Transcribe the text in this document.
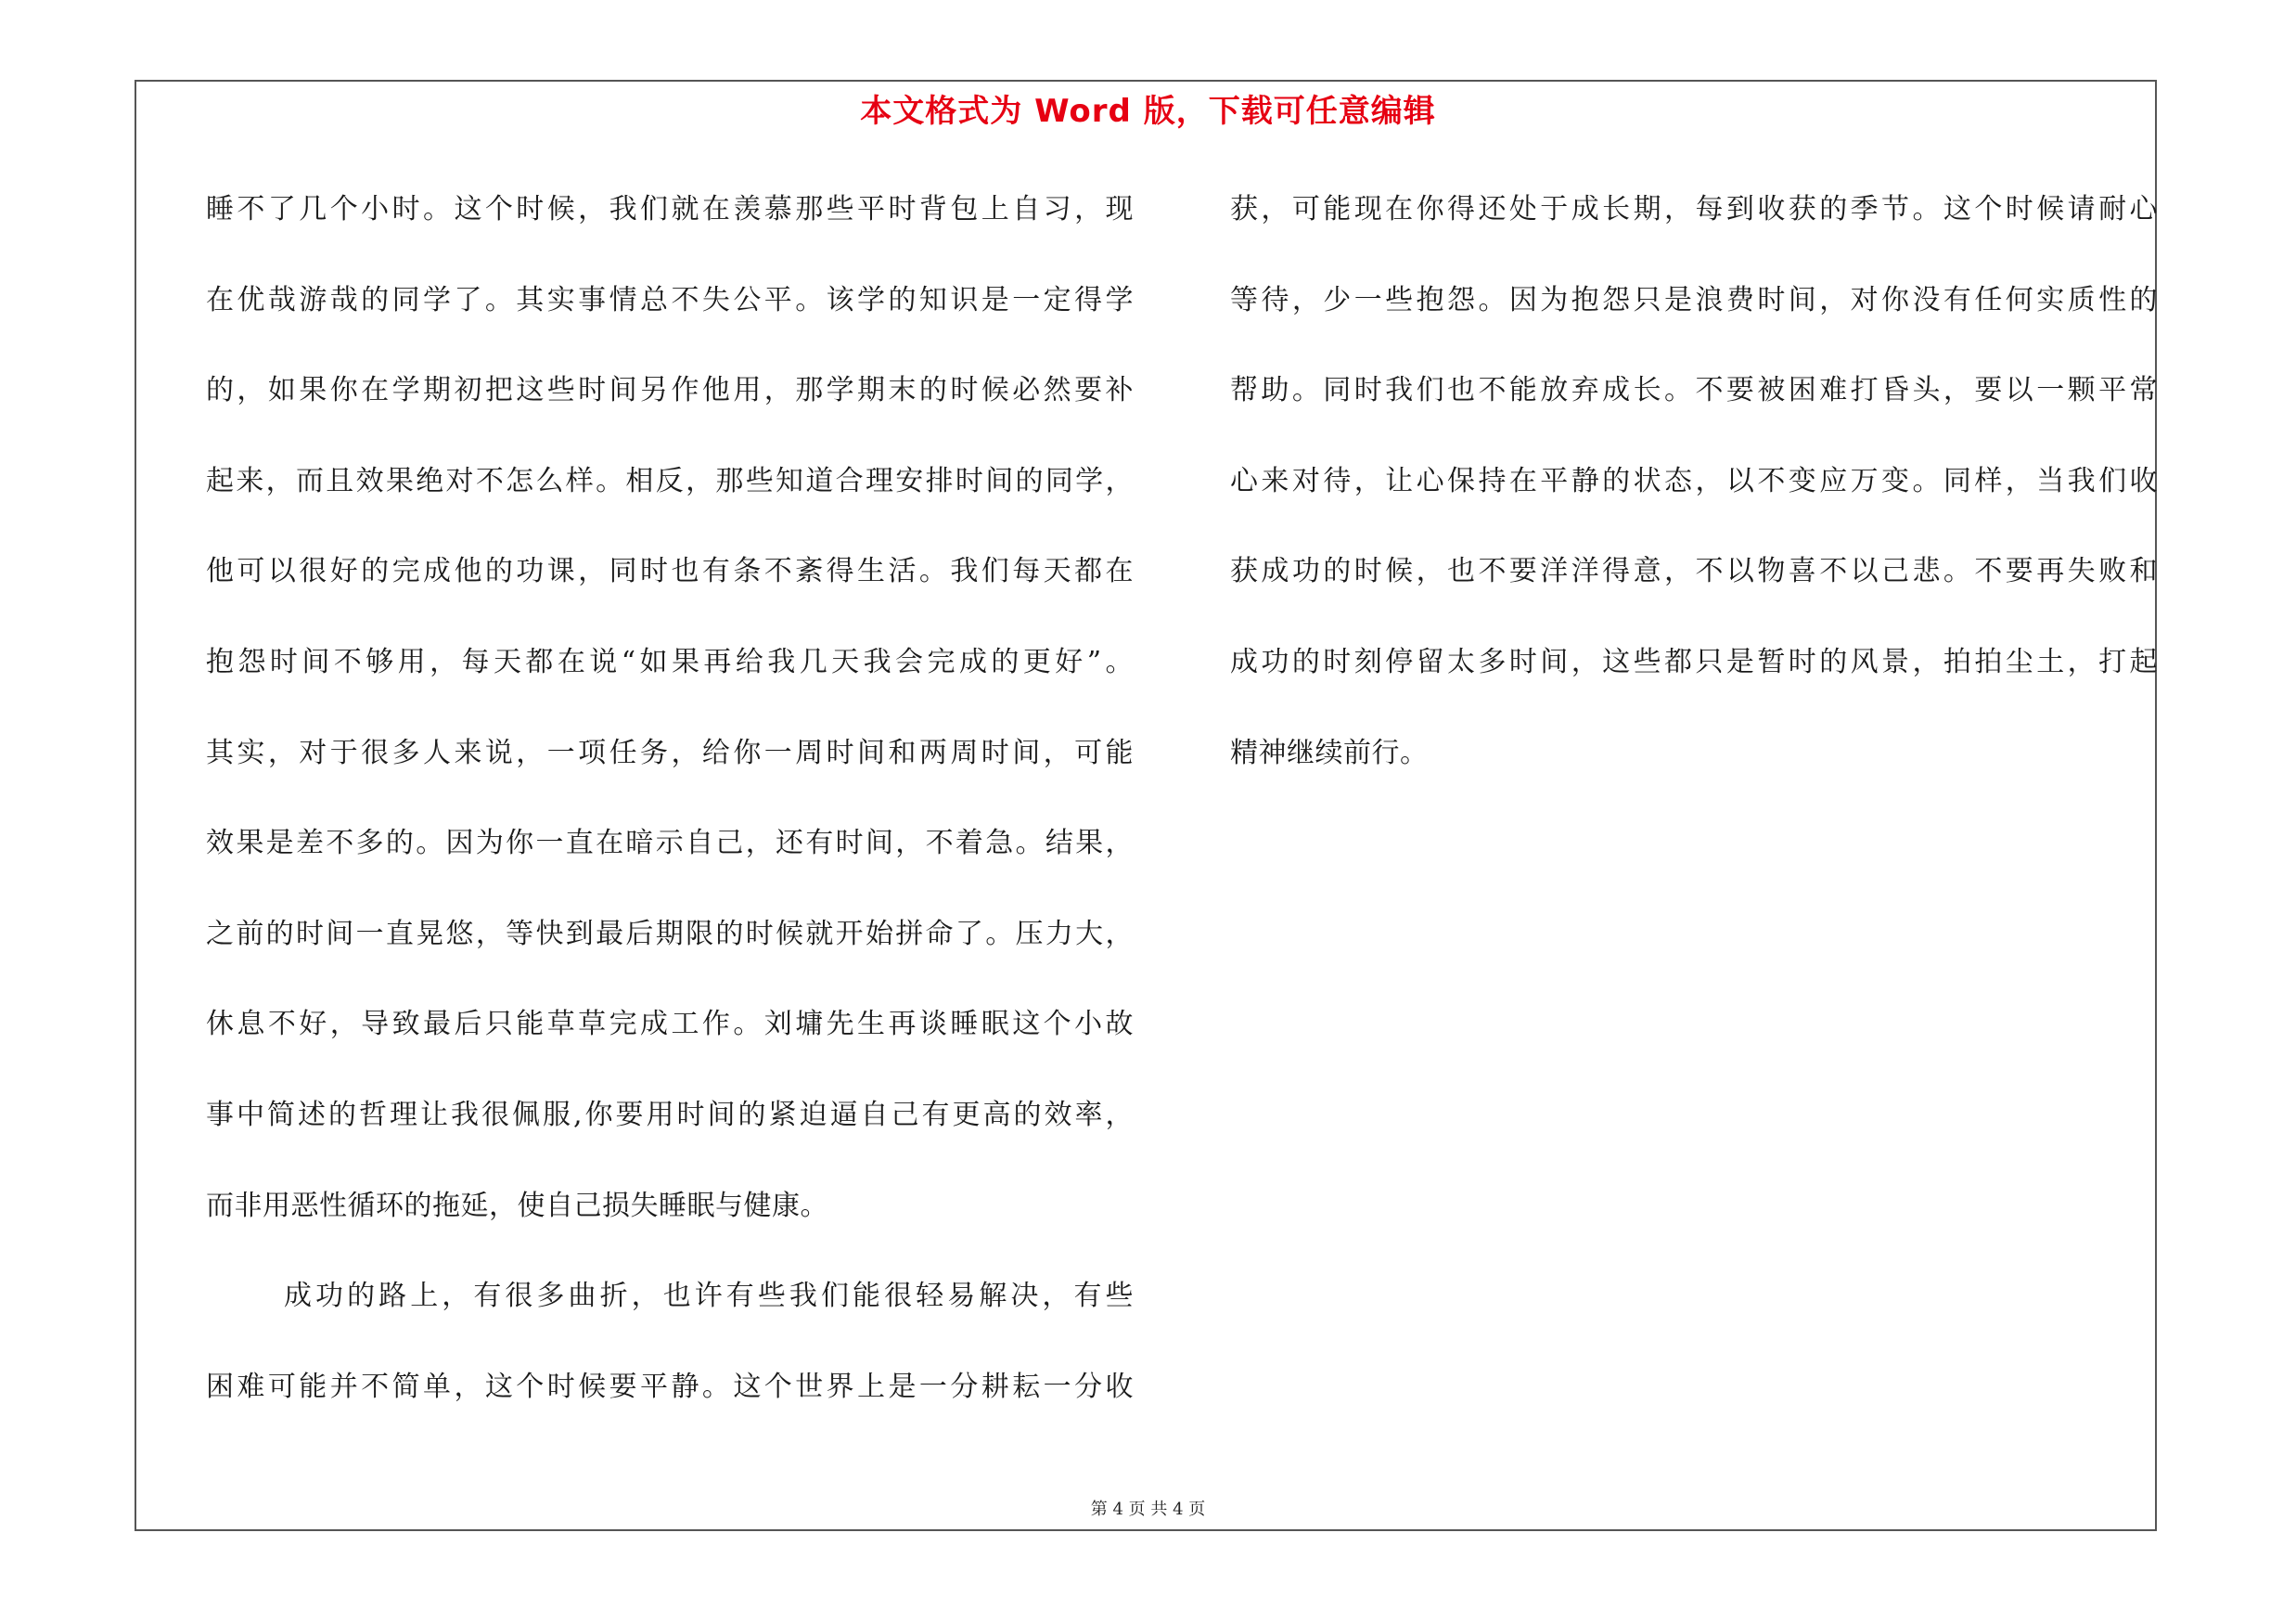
本文格式为 Word 版，下载可任意编辑
睡不了几个小时。这个时候，我们就在羡慕那些平时背包上自习，现
在优哉游哉的同学了。其实事情总不失公平。该学的知识是一定得学
的，如果你在学期初把这些时间另作他用，那学期末的时候必然要补
起来，而且效果绝对不怎么样。相反，那些知道合理安排时间的同学，
他可以很好的完成他的功课，同时也有条不紊得生活。我们每天都在
抱怨时间不够用，每天都在说“如果再给我几天我会完成的更好”。
其实，对于很多人来说，一项任务，给你一周时间和两周时间，可能
效果是差不多的。因为你一直在暗示自己，还有时间，不着急。结果，
之前的时间一直晃悠，等快到最后期限的时候就开始拼命了。压力大，
休息不好，导致最后只能草草完成工作。刘墉先生再谈睡眠这个小故
事中简述的哲理让我很佩服,你要用时间的紧迫逼自己有更高的效率，
而非用恶性循环的拖延，使自己损失睡眠与健康。
成功的路上，有很多曲折，也许有些我们能很轻易解决，有些
困难可能并不简单，这个时候要平静。这个世界上是一分耕耘一分收
获，可能现在你得还处于成长期，每到收获的季节。这个时候请耐心
等待，少一些抱怨。因为抱怨只是浪费时间，对你没有任何实质性的
帮助。同时我们也不能放弃成长。不要被困难打昏头，要以一颗平常
心来对待，让心保持在平静的状态，以不变应万变。同样，当我们收
获成功的时候，也不要洋洋得意，不以物喜不以己悲。不要再失败和
成功的时刻停留太多时间，这些都只是暂时的风景，拍拍尘土，打起
精神继续前行。
第 4 页 共 4 页
